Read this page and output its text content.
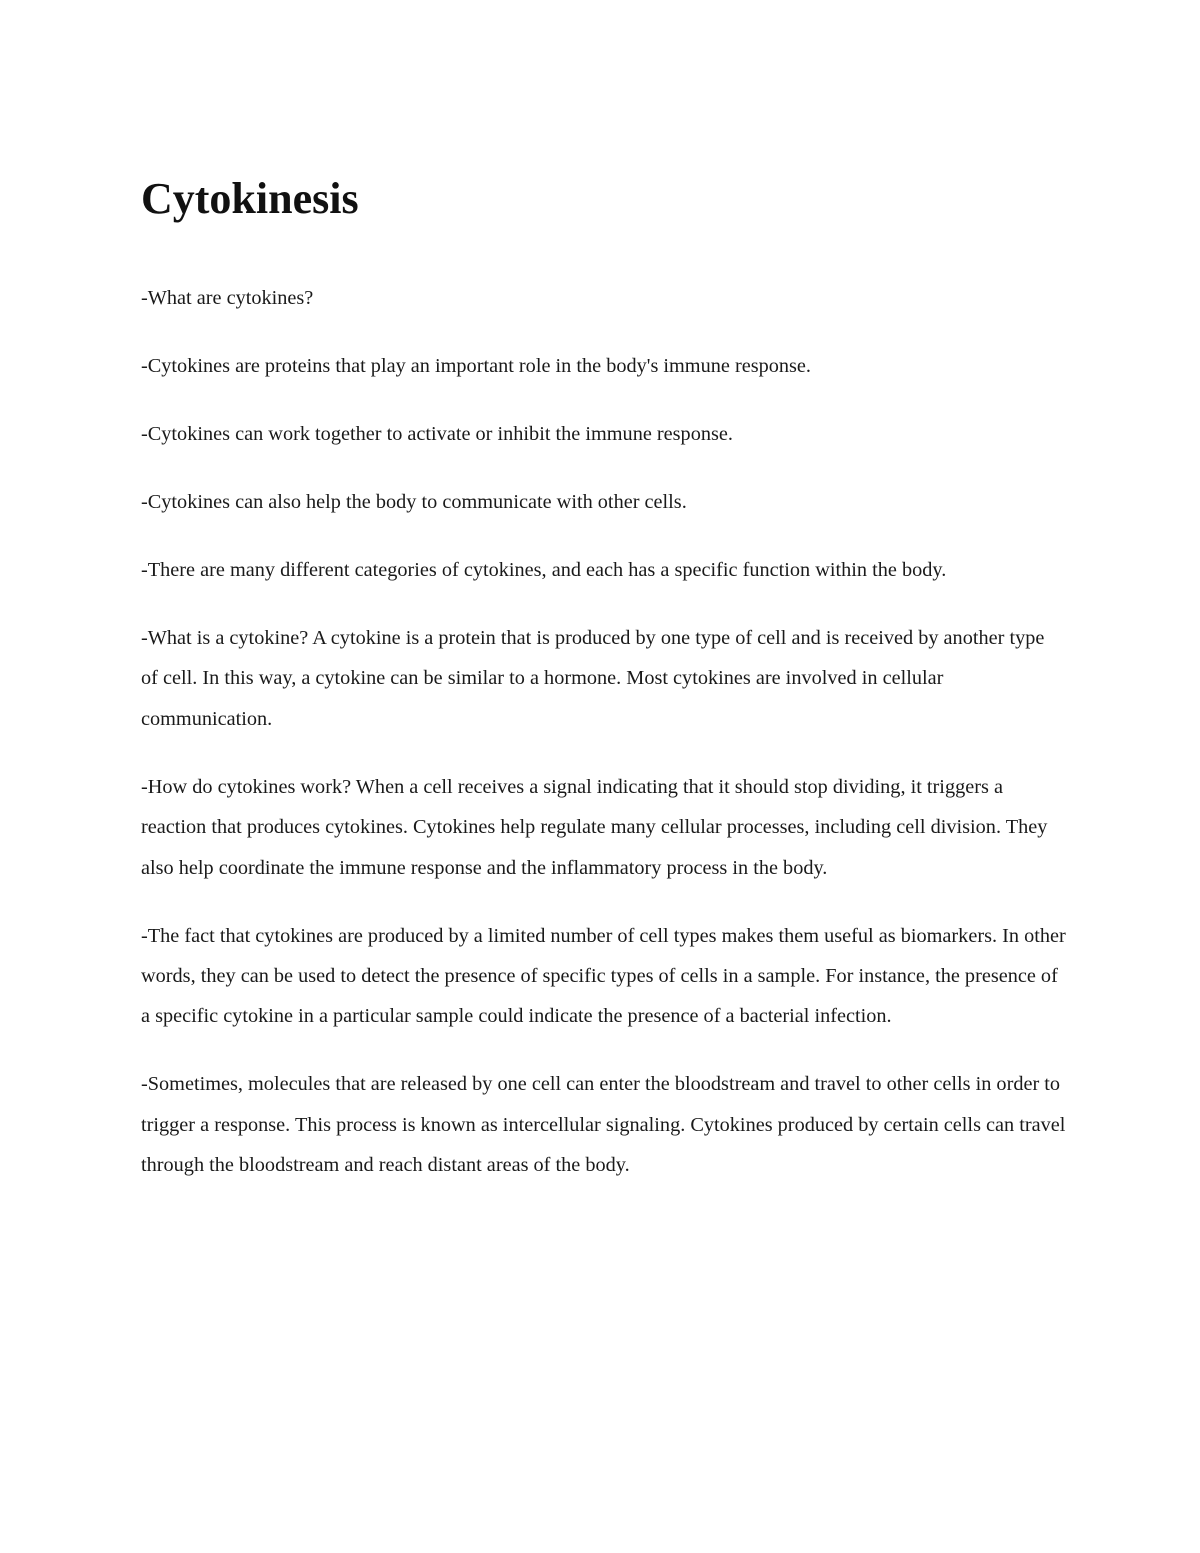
Cytokinesis

-What are cytokines?

-Cytokines are proteins that play an important role in the body's immune response.

-Cytokines can work together to activate or inhibit the immune response.

-Cytokines can also help the body to communicate with other cells.

-There are many different categories of cytokines, and each has a specific function within the body.

-What is a cytokine? A cytokine is a protein that is produced by one type of cell and is received by another type of cell. In this way, a cytokine can be similar to a hormone. Most cytokines are involved in cellular communication.

-How do cytokines work? When a cell receives a signal indicating that it should stop dividing, it triggers a reaction that produces cytokines. Cytokines help regulate many cellular processes, including cell division. They also help coordinate the immune response and the inflammatory process in the body.

-The fact that cytokines are produced by a limited number of cell types makes them useful as biomarkers. In other words, they can be used to detect the presence of specific types of cells in a sample. For instance, the presence of a specific cytokine in a particular sample could indicate the presence of a bacterial infection.

-Sometimes, molecules that are released by one cell can enter the bloodstream and travel to other cells in order to trigger a response. This process is known as intercellular signaling. Cytokines produced by certain cells can travel through the bloodstream and reach distant areas of the body.
